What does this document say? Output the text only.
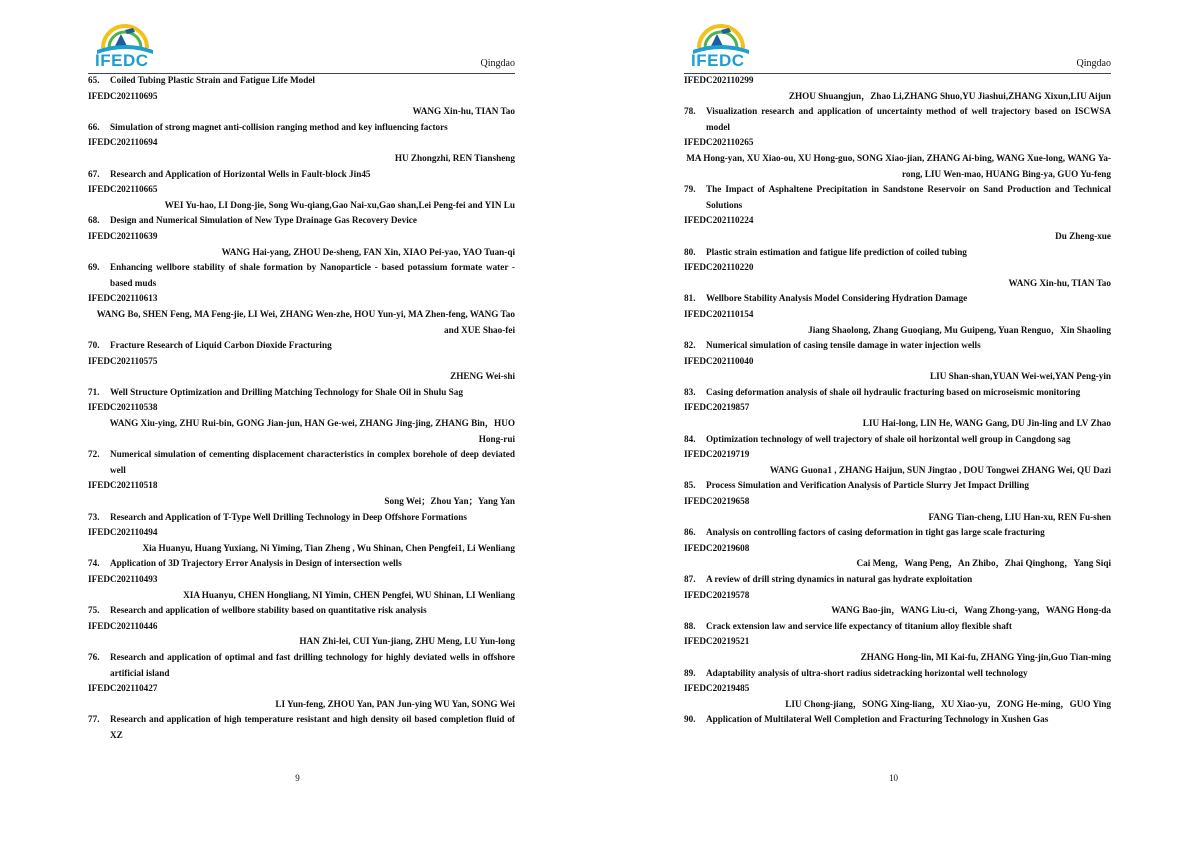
IFEDC	Qingdao
65. Coiled Tubing Plastic Strain and Fatigue Life Model
IFEDC202110695
WANG Xin-hu, TIAN Tao
66. Simulation of strong magnet anti-collision ranging method and key influencing factors
IFEDC202110694
HU Zhongzhi, REN Tiansheng
67. Research and Application of Horizontal Wells in Fault-block Jin45
IFEDC202110665
WEI Yu-hao, LI Dong-jie, Song Wu-qiang,Gao Nai-xu,Gao shan,Lei Peng-fei and YIN Lu
68. Design and Numerical Simulation of New Type Drainage Gas Recovery Device
IFEDC202110639
WANG Hai-yang, ZHOU De-sheng, FAN Xin, XIAO Pei-yao, YAO Tuan-qi
69. Enhancing wellbore stability of shale formation by Nanoparticle - based potassium formate water - based muds
IFEDC202110613
WANG Bo, SHEN Feng, MA Feng-jie, LI Wei, ZHANG Wen-zhe, HOU Yun-yi, MA Zhen-feng, WANG Tao and XUE Shao-fei
70. Fracture Research of Liquid Carbon Dioxide Fracturing
IFEDC202110575
ZHENG Wei-shi
71. Well Structure Optimization and Drilling Matching Technology for Shale Oil in Shulu Sag
IFEDC202110538
WANG Xiu-ying, ZHU Rui-bin, GONG Jian-jun, HAN Ge-wei, ZHANG Jing-jing, ZHANG Bin，HUO Hong-rui
72. Numerical simulation of cementing displacement characteristics in complex borehole of deep deviated well
IFEDC202110518
Song Wei；Zhou Yan；Yang Yan
73. Research and Application of T-Type Well Drilling Technology in Deep Offshore Formations
IFEDC202110494
Xia Huanyu, Huang Yuxiang, Ni Yiming, Tian Zheng , Wu Shinan, Chen Pengfei1, Li Wenliang
74. Application of 3D Trajectory Error Analysis in Design of intersection wells
IFEDC202110493
XIA Huanyu, CHEN Hongliang, NI Yimin, CHEN Pengfei, WU Shinan, LI Wenliang
75. Research and application of wellbore stability based on quantitative risk analysis
IFEDC202110446
HAN Zhi-lei, CUI Yun-jiang, ZHU Meng, LU Yun-long
76. Research and application of optimal and fast drilling technology for highly deviated wells in offshore artificial island
IFEDC202110427
LI Yun-feng, ZHOU Yan, PAN Jun-ying WU Yan, SONG Wei
77. Research and application of high temperature resistant and high density oil based completion fluid of XZ
9
IFEDC	Qingdao
IFEDC202110299
ZHOU Shuangjun，Zhao Li,ZHANG Shuo,YU Jiashui,ZHANG Xixun,LIU Aijun
78. Visualization research and application of uncertainty method of well trajectory based on ISCWSA model
IFEDC202110265
MA Hong-yan, XU Xiao-ou, XU Hong-guo, SONG Xiao-jian, ZHANG Ai-bing, WANG Xue-long, WANG Ya-rong, LIU Wen-mao, HUANG Bing-ya, GUO Yu-feng
79. The Impact of Asphaltene Precipitation in Sandstone Reservoir on Sand Production and Technical Solutions
IFEDC202110224
Du Zheng-xue
80. Plastic strain estimation and fatigue life prediction of coiled tubing
IFEDC202110220
WANG Xin-hu, TIAN Tao
81. Wellbore Stability Analysis Model Considering Hydration Damage
IFEDC202110154
Jiang Shaolong, Zhang Guoqiang, Mu Guipeng, Yuan Renguo，Xin Shaoling
82. Numerical simulation of casing tensile damage in water injection wells
IFEDC202110040
LIU Shan-shan,YUAN Wei-wei,YAN Peng-yin
83. Casing deformation analysis of shale oil hydraulic fracturing based on microseismic monitoring
IFEDC20219857
LIU Hai-long, LIN He, WANG Gang, DU Jin-ling and LV Zhao
84. Optimization technology of well trajectory of shale oil horizontal well group in Cangdong sag
IFEDC20219719
WANG Guona1 , ZHANG Haijun, SUN Jingtao , DOU Tongwei ZHANG Wei, QU Dazi
85. Process Simulation and Verification Analysis of Particle Slurry Jet Impact Drilling
IFEDC20219658
FANG Tian-cheng, LIU Han-xu, REN Fu-shen
86. Analysis on controlling factors of casing deformation in tight gas large scale fracturing
IFEDC20219608
Cai Meng，Wang Peng，An Zhibo，Zhai Qinghong，Yang Siqi
87. A review of drill string dynamics in natural gas hydrate exploitation
IFEDC20219578
WANG Bao-jin，WANG Liu-ci，Wang Zhong-yang，WANG Hong-da
88. Crack extension law and service life expectancy of titanium alloy flexible shaft
IFEDC20219521
ZHANG Hong-lin, MI Kai-fu, ZHANG Ying-jin,Guo Tian-ming
89. Adaptability analysis of ultra-short radius sidetracking horizontal well technology
IFEDC20219485
LIU Chong-jiang，SONG Xing-liang，XU Xiao-yu，ZONG He-ming，GUO Ying
90. Application of Multilateral Well Completion and Fracturing Technology in Xushen Gas
10
